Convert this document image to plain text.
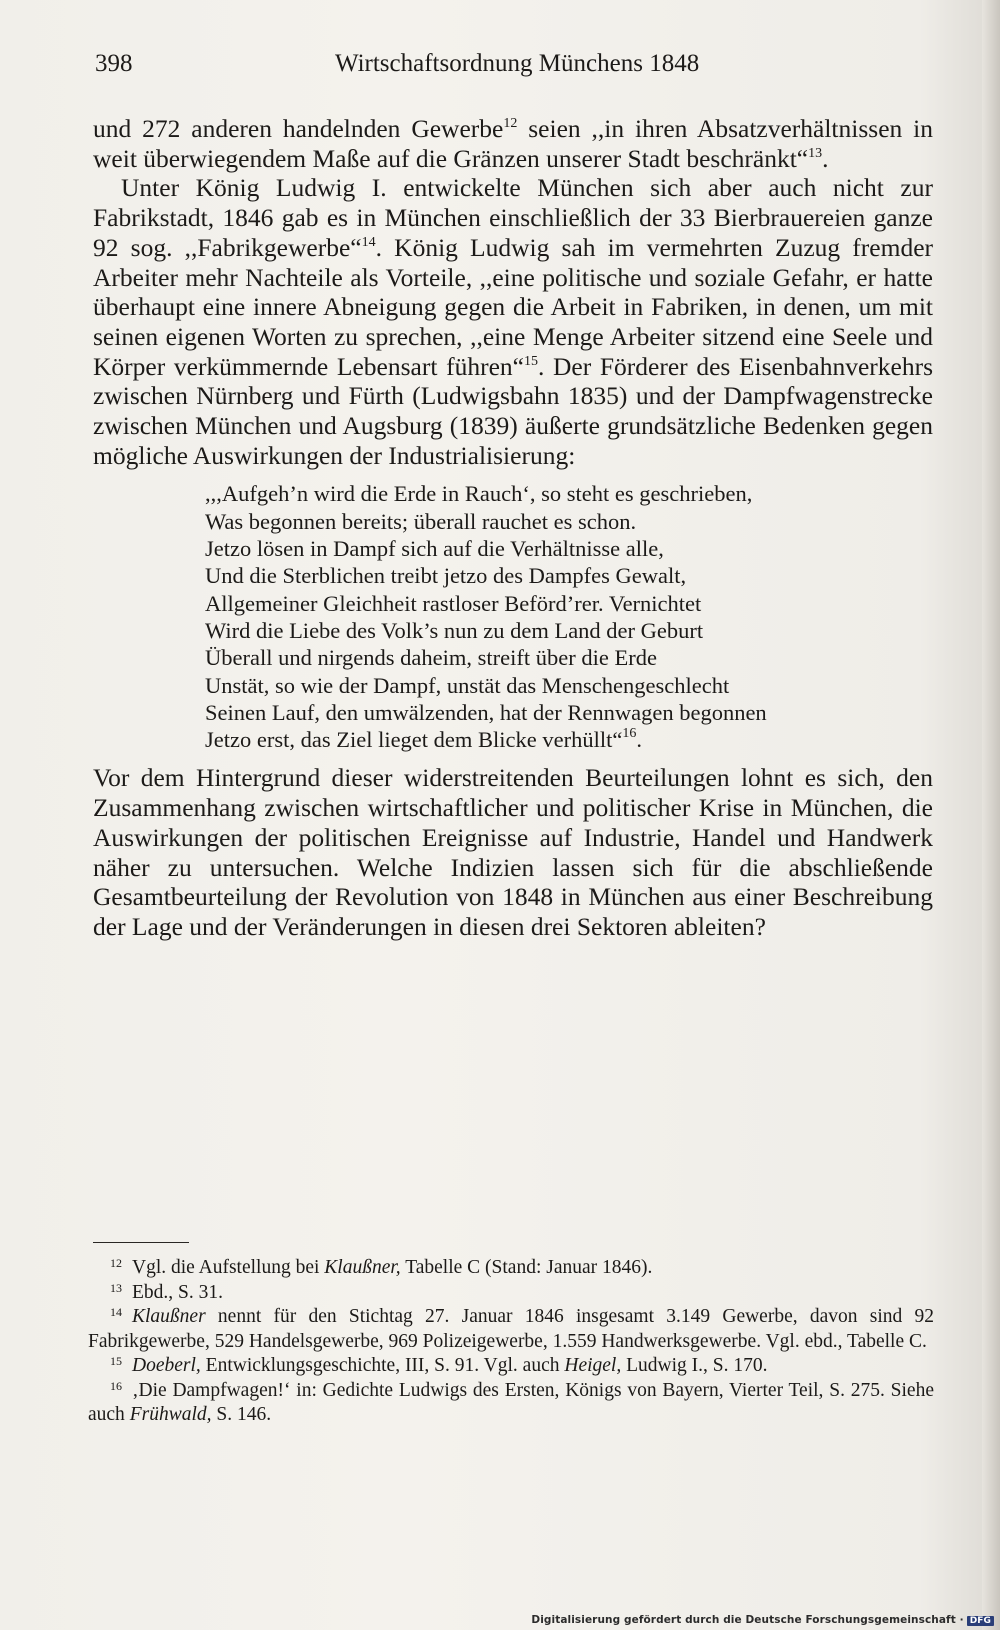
398	Wirtschaftsordnung Münchens 1848

und 272 anderen handelnden Gewerbe$^{12}$ seien ,,in ihren Absatzverhältnissen in weit überwiegendem Maße auf die Gränzen unserer Stadt beschränkt“$^{13}$.

Unter König Ludwig I. entwickelte München sich aber auch nicht zur Fabrikstadt, 1846 gab es in München einschließlich der 33 Bierbrauereien ganze 92 sog. ,,Fabrikgewerbe“$^{14}$. König Ludwig sah im vermehrten Zuzug fremder Arbeiter mehr Nachteile als Vorteile, ,,eine politische und soziale Gefahr, er hatte überhaupt eine innere Abneigung gegen die Arbeit in Fabriken, in denen, um mit seinen eigenen Worten zu sprechen, ,,eine Menge Arbeiter sitzend eine Seele und Körper verkümmernde Lebensart führen“$^{15}$. Der Förderer des Eisenbahnverkehrs zwischen Nürnberg und Fürth (Ludwigsbahn 1835) und der Dampfwagenstrecke zwischen München und Augsburg (1839) äußerte grundsätzliche Bedenken gegen mögliche Auswirkungen der Industrialisierung:

,,,Aufgeh’n wird die Erde in Rauch‘, so steht es geschrieben,
Was begonnen bereits; überall rauchet es schon.
Jetzo lösen in Dampf sich auf die Verhältnisse alle,
Und die Sterblichen treibt jetzo des Dampfes Gewalt,
Allgemeiner Gleichheit rastloser Beförd’rer. Vernichtet
Wird die Liebe des Volk’s nun zu dem Land der Geburt
Überall und nirgends daheim, streift über die Erde
Unstät, so wie der Dampf, unstät das Menschengeschlecht
Seinen Lauf, den umwälzenden, hat der Rennwagen begonnen
Jetzo erst, das Ziel lieget dem Blicke verhüllt“$^{16}$.

Vor dem Hintergrund dieser widerstreitenden Beurteilungen lohnt es sich, den Zusammenhang zwischen wirtschaftlicher und politischer Krise in München, die Auswirkungen der politischen Ereignisse auf Industrie, Handel und Handwerk näher zu untersuchen. Welche Indizien lassen sich für die abschließende Gesamtbeurteilung der Revolution von 1848 in München aus einer Beschreibung der Lage und der Veränderungen in diesen drei Sektoren ableiten?

12 Vgl. die Aufstellung bei Klaußner, Tabelle C (Stand: Januar 1846).

13 Ebd., S. 31.

14 Klaußner nennt für den Stichtag 27. Januar 1846 insgesamt 3.149 Gewerbe, davon sind 92 Fabrikgewerbe, 529 Handelsgewerbe, 969 Polizeigewerbe, 1.559 Handwerksgewerbe. Vgl. ebd., Tabelle C.

15 Doeberl, Entwicklungsgeschichte, III, S. 91. Vgl. auch Heigel, Ludwig I., S. 170.

16 ‚Die Dampfwagen!‘ in: Gedichte Ludwigs des Ersten, Königs von Bayern, Vierter Teil, S. 275. Siehe auch Frühwald, S. 146.

Digitalisierung gefördert durch die Deutsche Forschungsgemeinschaft · DFG
